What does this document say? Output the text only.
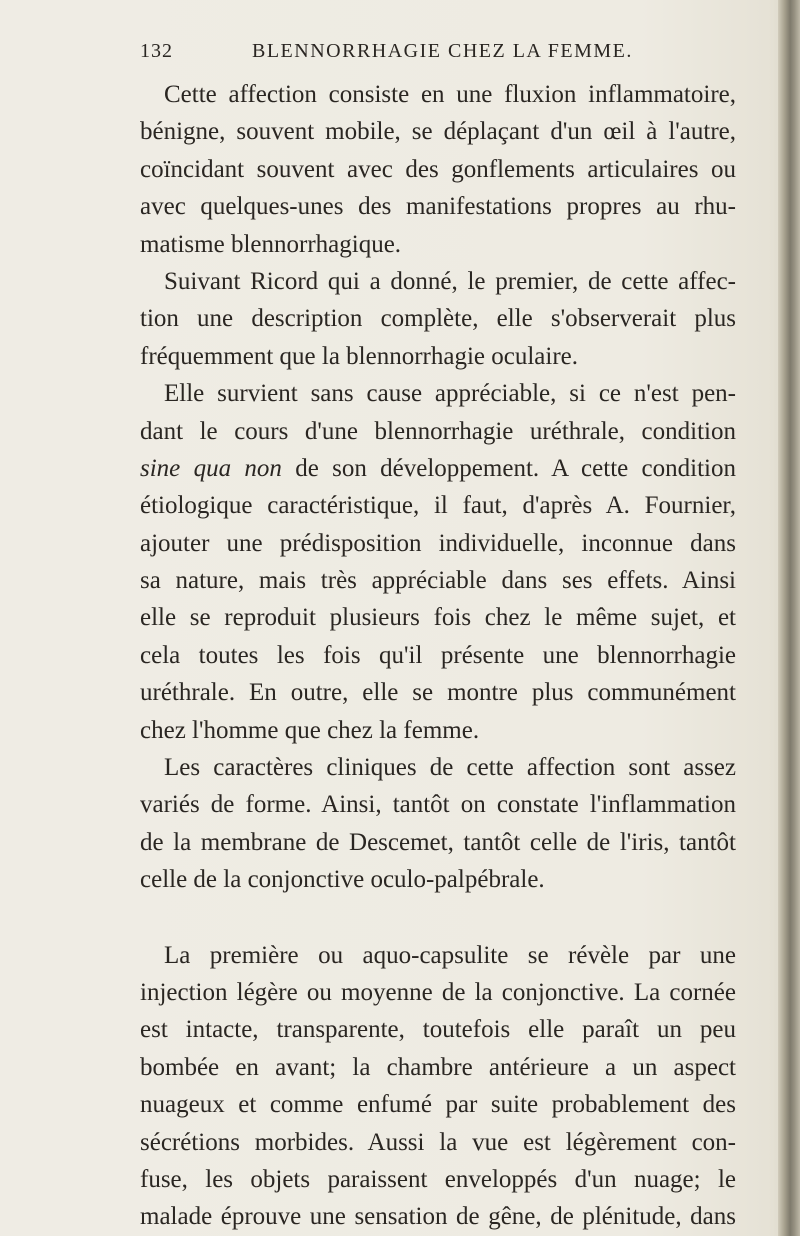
132	BLENNORRHAGIE CHEZ LA FEMME.
Cette affection consiste en une fluxion inflammatoire,
bénigne, souvent mobile, se déplaçant d'un œil à l'autre,
coïncidant souvent avec des gonflements articulaires ou
avec quelques-unes des manifestations propres au rhu-
matisme blennorrhagique.
Suivant Ricord qui a donné, le premier, de cette affec-
tion une description complète, elle s'observerait plus
fréquemment que la blennorrhagie oculaire.
Elle survient sans cause appréciable, si ce n'est pen-
dant le cours d'une blennorrhagie uréthrale, condition
sine qua non de son développement. A cette condition
étiologique caractéristique, il faut, d'après A. Fournier,
ajouter une prédisposition individuelle, inconnue dans
sa nature, mais très appréciable dans ses effets. Ainsi
elle se reproduit plusieurs fois chez le même sujet, et
cela toutes les fois qu'il présente une blennorrhagie
uréthrale. En outre, elle se montre plus communément
chez l'homme que chez la femme.
Les caractères cliniques de cette affection sont assez
variés de forme. Ainsi, tantôt on constate l'inflammation
de la membrane de Descemet, tantôt celle de l'iris, tantôt
celle de la conjonctive oculo-palpébrale.
La première ou aquo-capsulite se révèle par une
injection légère ou moyenne de la conjonctive. La cornée
est intacte, transparente, toutefois elle paraît un peu
bombée en avant; la chambre antérieure a un aspect
nuageux et comme enfumé par suite probablement des
sécrétions morbides. Aussi la vue est légèrement con-
fuse, les objets paraissent enveloppés d'un nuage; le
malade éprouve une sensation de gêne, de plénitude, dans
